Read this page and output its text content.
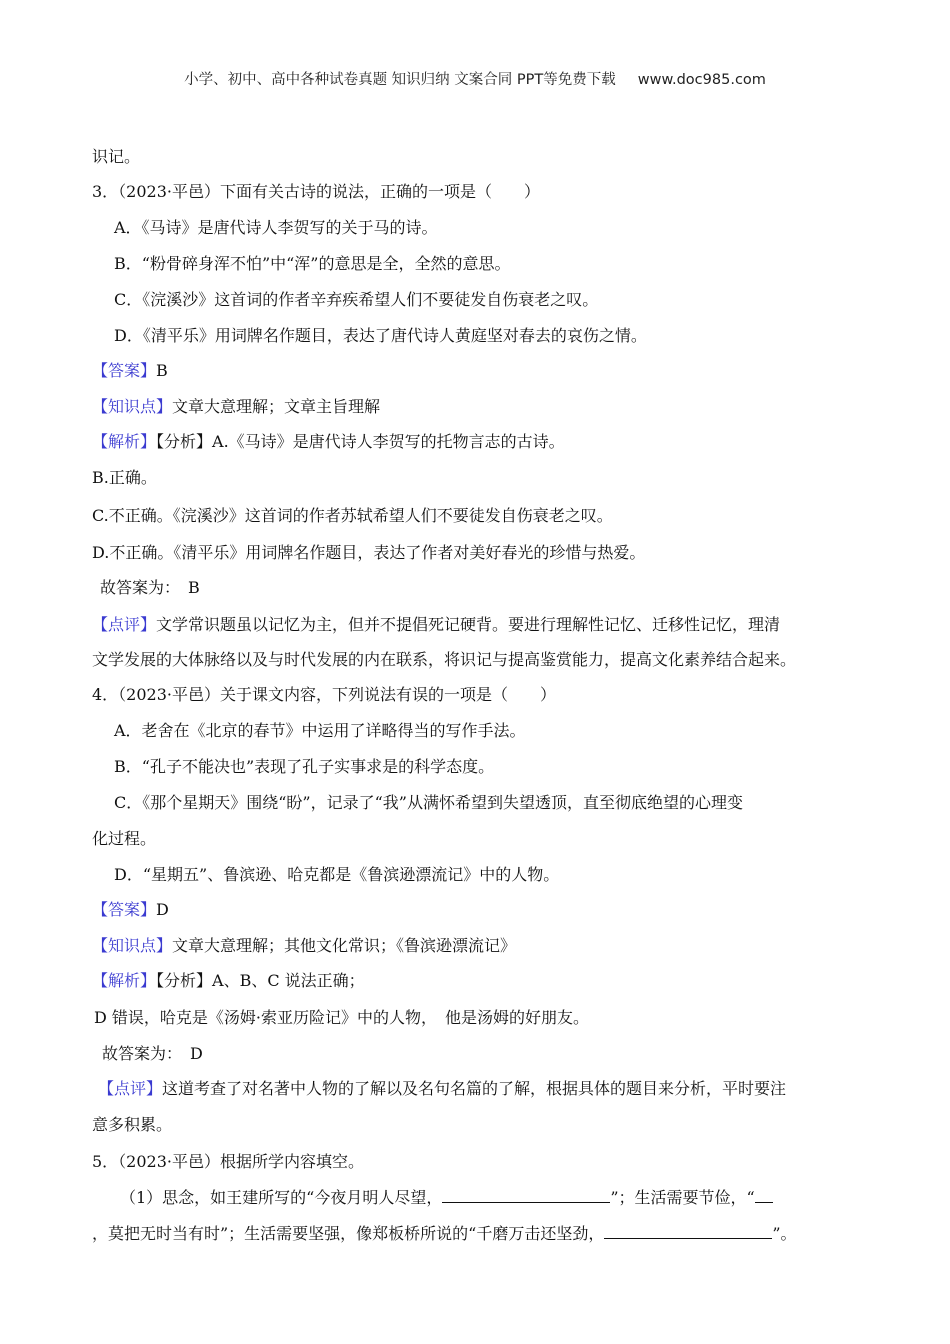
小学、初中、高中各种试卷真题 知识归纳 文案合同 PPT等免费下载 www.doc985.com
识记。
3．（2023·平邑）下面有关古诗的说法，正确的一项是（　　）
A．《马诗》是唐代诗人李贺写的关于马的诗。
B．“粉骨碎身浑不怕”中“浑”的意思是全，全然的意思。
C．《浣溪沙》这首词的作者辛弃疾希望人们不要徒发自伤衰老之叹。
D．《清平乐》用词牌名作题目，表达了唐代诗人黄庭坚对春去的哀伤之情。
【答案】B
【知识点】文章大意理解；文章主旨理解
【解析】【分析】A.《马诗》是唐代诗人李贺写的托物言志的古诗。
B.正确。
C.不正确。《浣溪沙》这首词的作者苏轼希望人们不要徒发自伤衰老之叹。
D.不正确。《清平乐》用词牌名作题目，表达了作者对美好春光的珍惜与热爱。
故答案为：　B
【点评】文学常识题虽以记忆为主，但并不提倡死记硬背。要进行理解性记忆、迁移性记忆，理清
文学发展的大体脉络以及与时代发展的内在联系，将识记与提高鉴赏能力，提高文化素养结合起来。
4．（2023·平邑）关于课文内容，下列说法有误的一项是（　　）
A．老舍在《北京的春节》中运用了详略得当的写作手法。
B．“孔子不能决也”表现了孔子实事求是的科学态度。
C．《那个星期天》围绕“盼”，记录了“我”从满怀希望到失望透顶，直至彻底绝望的心理变
化过程。
D．“星期五”、鲁滨逊、哈克都是《鲁滨逊漂流记》中的人物。
【答案】D
【知识点】文章大意理解；其他文化常识；《鲁滨逊漂流记》
【解析】【分析】A、B、C 说法正确；
D 错误，哈克是《汤姆·索亚历险记》中的人物，　他是汤姆的好朋友。
故答案为：　D
【点评】这道考查了对名著中人物的了解以及名句名篇的了解，根据具体的题目来分析，平时要注
意多积累。
5．（2023·平邑）根据所学内容填空。
（1）思念，如王建所写的“今夜月明人尽望，	”；生活需要节俭，“
，莫把无时当有时”；生活需要坚强，像郑板桥所说的“千磨万击还坚劲，	”。
